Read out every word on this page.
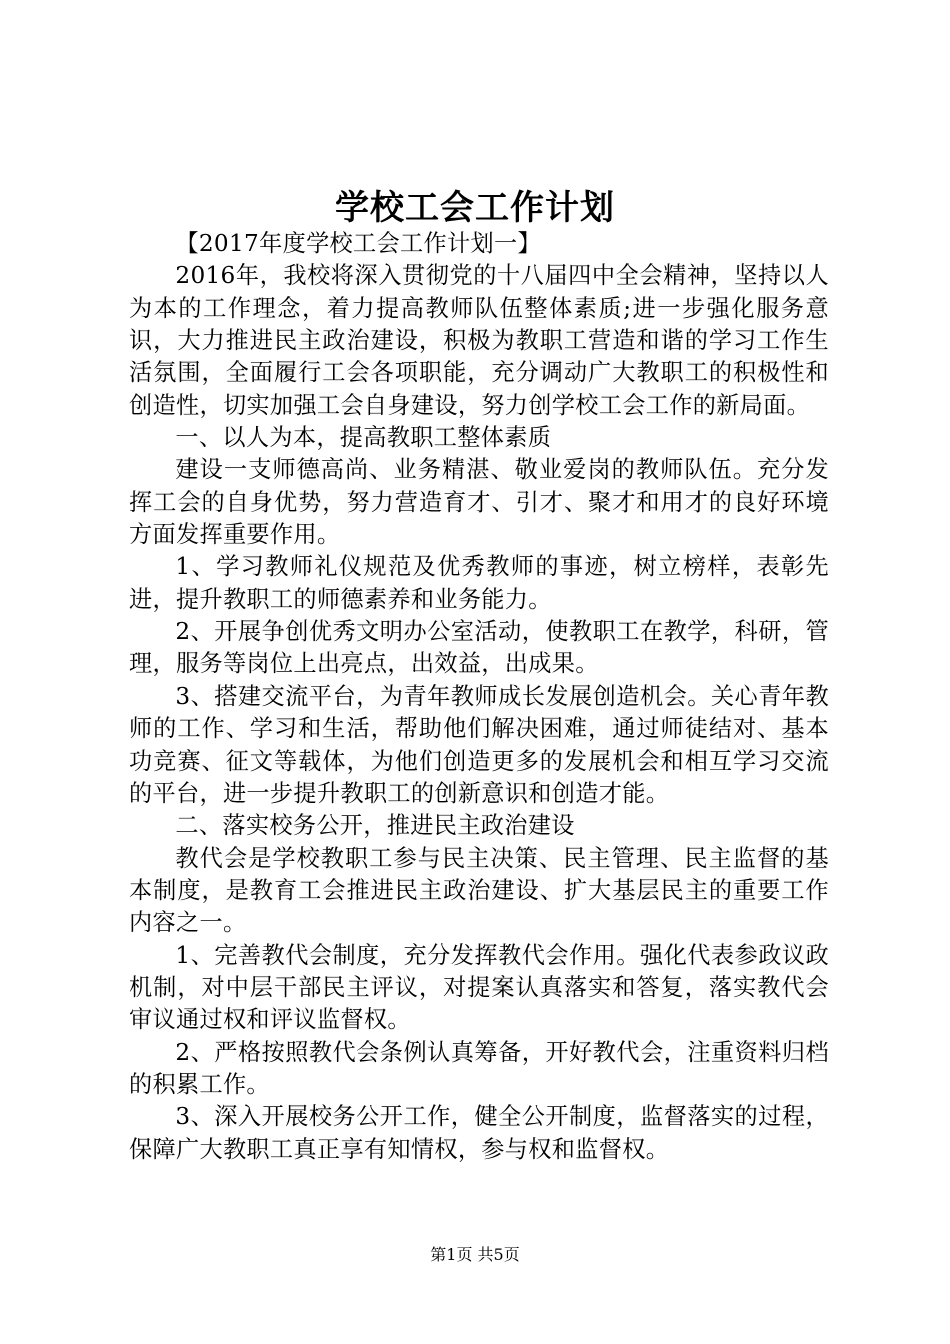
学校工会工作计划

【2017年度学校工会工作计划一】

2016年，我校将深入贯彻党的十八届四中全会精神，坚持以人为本的工作理念，着力提高教师队伍整体素质;进一步强化服务意识，大力推进民主政治建设，积极为教职工营造和谐的学习工作生活氛围，全面履行工会各项职能，充分调动广大教职工的积极性和创造性，切实加强工会自身建设，努力创学校工会工作的新局面。

一、以人为本，提高教职工整体素质

建设一支师德高尚、业务精湛、敬业爱岗的教师队伍。充分发挥工会的自身优势，努力营造育才、引才、聚才和用才的良好环境方面发挥重要作用。

1、学习教师礼仪规范及优秀教师的事迹，树立榜样，表彰先进，提升教职工的师德素养和业务能力。

2、开展争创优秀文明办公室活动，使教职工在教学，科研，管理，服务等岗位上出亮点，出效益，出成果。

3、搭建交流平台，为青年教师成长发展创造机会。关心青年教师的工作、学习和生活，帮助他们解决困难，通过师徒结对、基本功竞赛、征文等载体，为他们创造更多的发展机会和相互学习交流的平台，进一步提升教职工的创新意识和创造才能。

二、落实校务公开，推进民主政治建设

教代会是学校教职工参与民主决策、民主管理、民主监督的基本制度，是教育工会推进民主政治建设、扩大基层民主的重要工作内容之一。

1、完善教代会制度，充分发挥教代会作用。强化代表参政议政机制，对中层干部民主评议，对提案认真落实和答复，落实教代会审议通过权和评议监督权。

2、严格按照教代会条例认真筹备，开好教代会，注重资料归档的积累工作。

3、深入开展校务公开工作，健全公开制度，监督落实的过程，保障广大教职工真正享有知情权，参与权和监督权。

第1页 共5页
